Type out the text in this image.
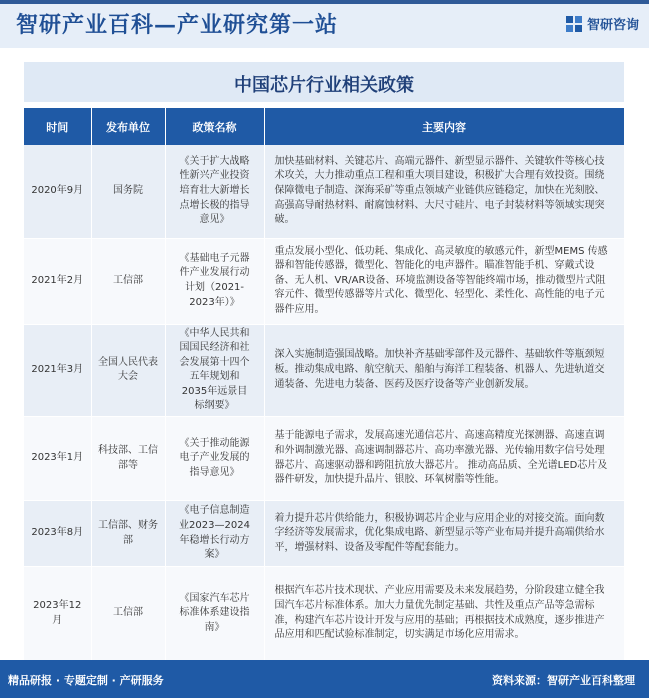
智研产业百科—产业研究第一站	智研咨询
中国芯片行业相关政策
时间	发布单位	政策名称	主要内容
2020年9月	国务院	《关于扩大战略性新兴产业投资 培育壮大新增长点增长极的指导意见》	加快基础材料、关键芯片、高端元器件、新型显示器件、关键软件等核心技术攻关，大力推动重点工程和重大项目建设，积极扩大合理有效投资。围绕保障微电子制造、深海采矿等重点领域产业链供应链稳定，加快在光刻胶、高强高导耐热材料、耐腐蚀材料、大尺寸硅片、电子封装材料等领域实现突破。
2021年2月	工信部	《基础电子元器件产业发展行动计划（2021-2023年）》	重点发展小型化、低功耗、集成化、高灵敏度的敏感元件，新型MEMS 传感器和智能传感器，微型化、智能化的电声器件。瞄准智能手机、穿戴式设备、无人机、VR/AR设备、环境监测设备等智能终端市场，推动微型片式阻容元件、微型传感器等片式化、微型化、轻型化、柔性化、高性能的电子元器件应用。
2021年3月	全国人民代表大会	《中华人民共和国国民经济和社会发展第十四个五年规划和2035年远景目标纲要》	深入实施制造强国战略。加快补齐基础零部件及元器件、基础软件等瓶颈短板。推动集成电路、航空航天、船舶与海洋工程装备、机器人、先进轨道交通装备、先进电力装备、医药及医疗设备等产业创新发展。
2023年1月	科技部、工信部等	《关于推动能源电子产业发展的指导意见》	基于能源电子需求，发展高速光通信芯片、高速高精度光探测器、高速直调和外调制激光器、高速调制器芯片、高功率激光器、光传输用数字信号处理器芯片、高速驱动器和跨阻抗放大器芯片。 推动高品质、全光谱LED芯片及器件研发，加快提升晶片、银胶、环氧树脂等性能。
2023年8月	工信部、财务部	《电子信息制造业2023—2024年稳增长行动方案》	着力提升芯片供给能力，积极协调芯片企业与应用企业的对接交流。面向数字经济等发展需求，优化集成电路、新型显示等产业布局并提升高端供给水平，增强材料、设备及零配件等配套能力。
2023年12月	工信部	《国家汽车芯片标准体系建设指南》	根据汽车芯片技术现状、产业应用需要及未来发展趋势，分阶段建立健全我国汽车芯片标准体系。加大力量优先制定基础、共性及重点产品等急需标准，构建汽车芯片设计开发与应用的基础；再根据技术成熟度，逐步推进产品应用和匹配试验标准制定，切实满足市场化应用需求。
精品研报 · 专题定制 · 产研服务	资料来源：智研产业百科整理
